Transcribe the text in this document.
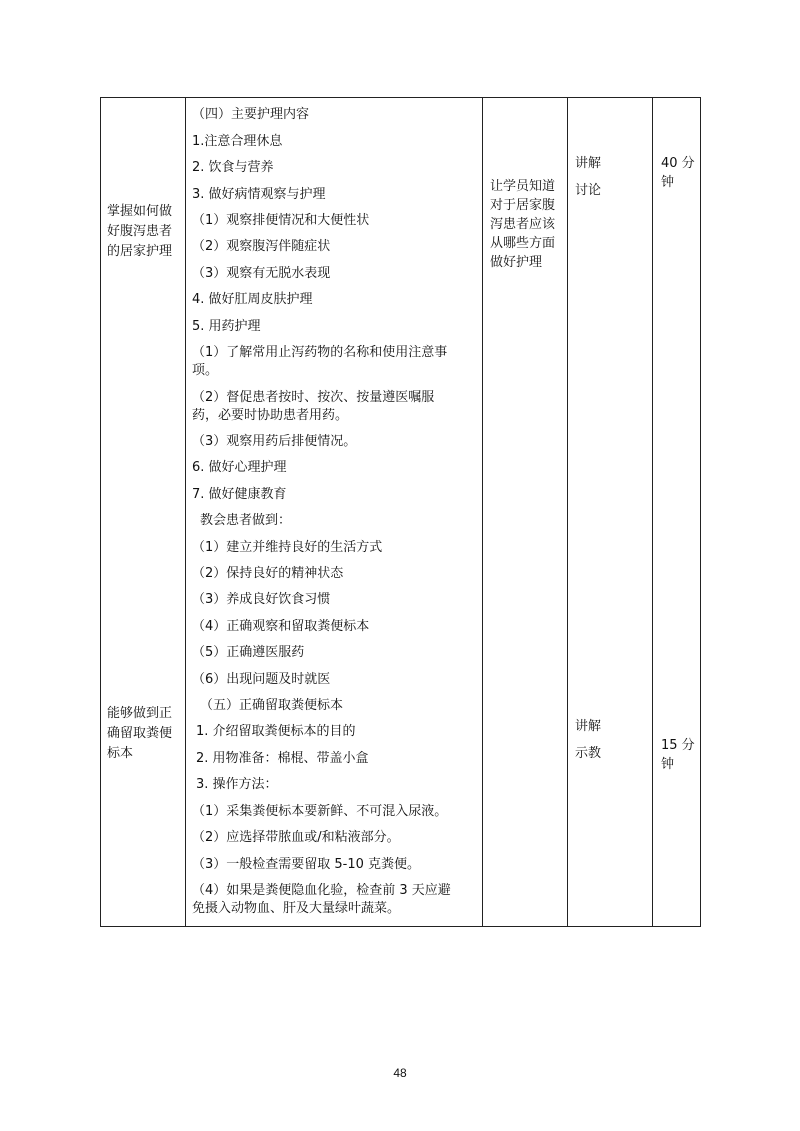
掌握如何做
好腹泻患者
的居家护理
能够做到正
确留取粪便
标本
（四）主要护理内容
1.注意合理休息
2. 饮食与营养
3. 做好病情观察与护理
（1）观察排便情况和大便性状
（2）观察腹泻伴随症状
（3）观察有无脱水表现
4. 做好肛周皮肤护理
5. 用药护理
（1）了解常用止泻药物的名称和使用注意事
项。
（2）督促患者按时、按次、按量遵医嘱服
药，必要时协助患者用药。
（3）观察用药后排便情况。
6. 做好心理护理
7. 做好健康教育
教会患者做到：
（1）建立并维持良好的生活方式
（2）保持良好的精神状态
（3）养成良好饮食习惯
（4）正确观察和留取粪便标本
（5）正确遵医服药
（6）出现问题及时就医
（五）正确留取粪便标本
1. 介绍留取粪便标本的目的
2. 用物准备：棉棍、带盖小盒
3. 操作方法：
（1）采集粪便标本要新鲜、不可混入尿液。
（2）应选择带脓血或/和粘液部分。
（3）一般检查需要留取 5-10 克粪便。
（4）如果是粪便隐血化验，检查前 3 天应避
免摄入动物血、肝及大量绿叶蔬菜。
让学员知道
对于居家腹
泻患者应该
从哪些方面
做好护理
讲解
讨论
讲解
示教
40 分
钟
15 分
钟
48
